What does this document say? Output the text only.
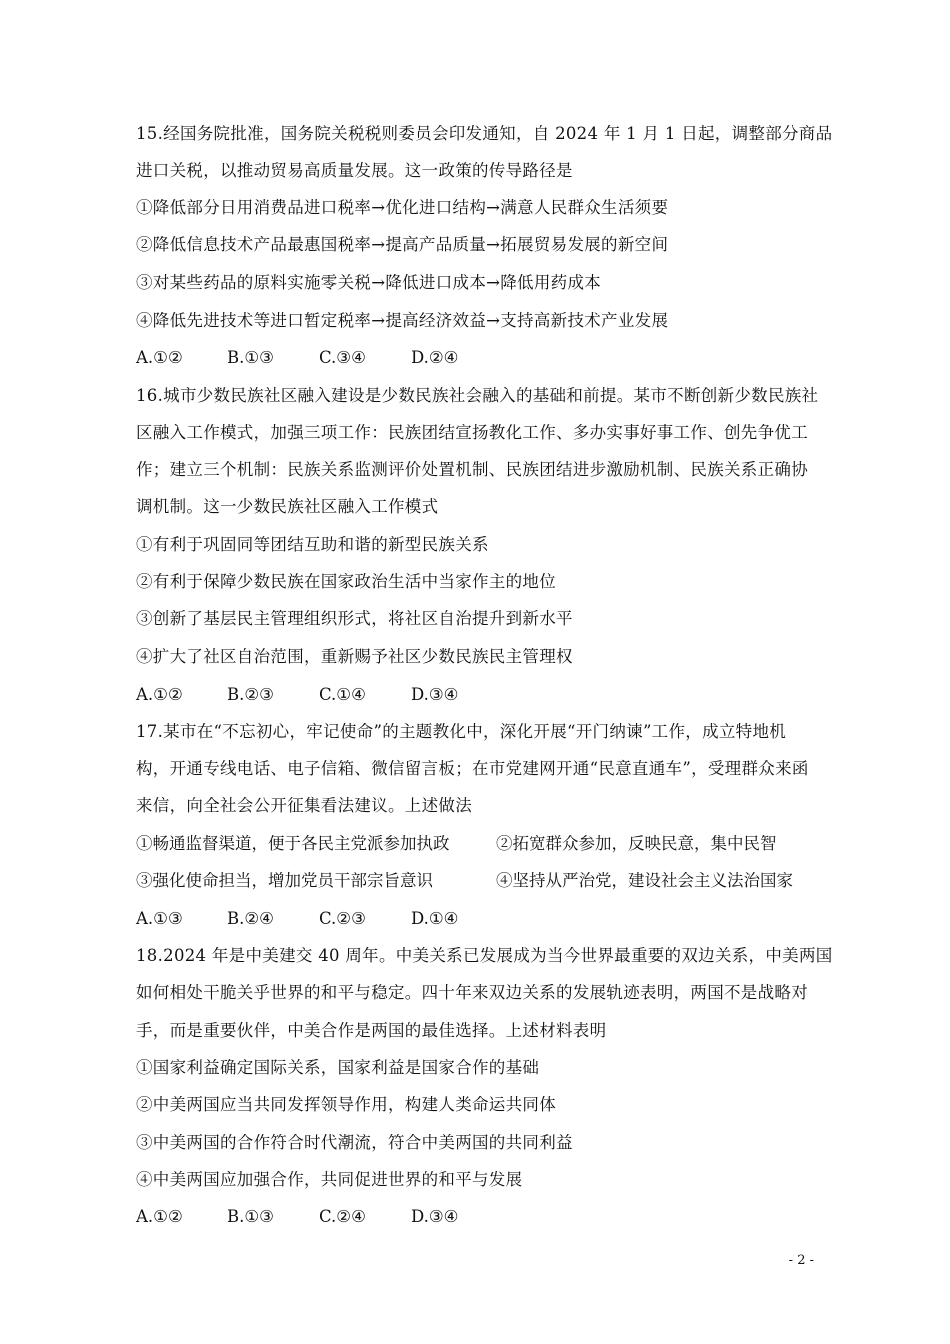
15.经国务院批准，国务院关税税则委员会印发通知，自 2024 年 1 月 1 日起，调整部分商品
进口关税，以推动贸易高质量发展。这一政策的传导路径是
①降低部分日用消费品进口税率→优化进口结构→满意人民群众生活须要
②降低信息技术产品最惠国税率→提高产品质量→拓展贸易发展的新空间
③对某些药品的原料实施零关税→降低进口成本→降低用药成本
④降低先进技术等进口暂定税率→提高经济效益→支持高新技术产业发展
A.①②	B.①③	C.③④	D.②④
16.城市少数民族社区融入建设是少数民族社会融入的基础和前提。某市不断创新少数民族社
区融入工作模式，加强三项工作：民族团结宣扬教化工作、多办实事好事工作、创先争优工
作；建立三个机制：民族关系监测评价处置机制、民族团结进步激励机制、民族关系正确协
调机制。这一少数民族社区融入工作模式
①有利于巩固同等团结互助和谐的新型民族关系
②有利于保障少数民族在国家政治生活中当家作主的地位
③创新了基层民主管理组织形式，将社区自治提升到新水平
④扩大了社区自治范围，重新赐予社区少数民族民主管理权
A.①②	B.②③	C.①④	D.③④
17.某市在“不忘初心，牢记使命”的主题教化中，深化开展“开门纳谏”工作，成立特地机
构，开通专线电话、电子信箱、微信留言板；在市党建网开通“民意直通车”，受理群众来函
来信，向全社会公开征集看法建议。上述做法
①畅通监督渠道，便于各民主党派参加执政	②拓宽群众参加，反映民意，集中民智
③强化使命担当，增加党员干部宗旨意识	④坚持从严治党，建设社会主义法治国家
A.①③	B.②④	C.②③	D.①④
18.2024 年是中美建交 40 周年。中美关系已发展成为当今世界最重要的双边关系，中美两国
如何相处干脆关乎世界的和平与稳定。四十年来双边关系的发展轨迹表明，两国不是战略对
手，而是重要伙伴，中美合作是两国的最佳选择。上述材料表明
①国家利益确定国际关系，国家利益是国家合作的基础
②中美两国应当共同发挥领导作用，构建人类命运共同体
③中美两国的合作符合时代潮流，符合中美两国的共同利益
④中美两国应加强合作，共同促进世界的和平与发展
A.①②	B.①③	C.②④	D.③④
- 2 -
